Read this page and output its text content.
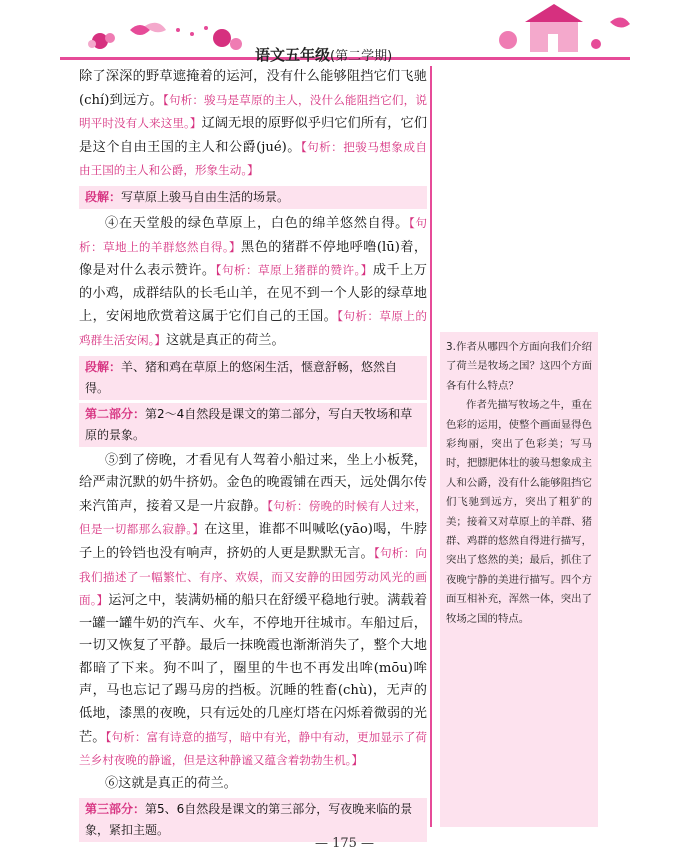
语文五年级(第二学期)

除了深深的野草遮掩着的运河，没有什么能够阻挡它们飞驰(chí)到远方。【句析：骏马是草原的主人，没什么能阻挡它们，说明平时没有人来这里。】辽阔无垠的原野似乎归它们所有，它们是这个自由王国的主人和公爵(jué)。【句析：把骏马想象成自由王国的主人和公爵，形象生动。】

段解：写草原上骏马自由生活的场景。

④在天堂般的绿色草原上，白色的绵羊悠然自得。【句析：草地上的羊群悠然自得。】黑色的猪群不停地呼噜(lū)着，像是对什么表示赞许。【句析：草原上猪群的赞许。】成千上万的小鸡，成群结队的长毛山羊，在见不到一个人影的绿草地上，安闲地欣赏着这属于它们自己的王国。【句析：草原上的鸡群生活安闲。】这就是真正的荷兰。

段解：羊、猪和鸡在草原上的悠闲生活，惬意舒畅，悠然自得。
第二部分：第2～4自然段是课文的第二部分，写白天牧场和草原的景象。

⑤到了傍晚，才看见有人驾着小船过来，坐上小板凳，给严肃沉默的奶牛挤奶。金色的晚霞铺在西天，远处偶尔传来汽笛声，接着又是一片寂静。【句析：傍晚的时候有人过来，但是一切都那么寂静。】在这里，谁都不叫喊吆(yāo)喝，牛脖子上的铃铛也没有响声，挤奶的人更是默默无言。【句析：向我们描述了一幅繁忙、有序、欢娱，而又安静的田园劳动风光的画面。】运河之中，装满奶桶的船只在舒缓平稳地行驶。满载着一罐一罐牛奶的汽车、火车，不停地开往城市。车船过后，一切又恢复了平静。最后一抹晚霞也渐渐消失了，整个大地都暗了下来。狗不叫了，圈里的牛也不再发出哞(mōu)哞声，马也忘记了踢马房的挡板。沉睡的牲畜(chù)，无声的低地，漆黑的夜晚，只有远处的几座灯塔在闪烁着微弱的光芒。【句析：富有诗意的描写，暗中有光，静中有动，更加显示了荷兰乡村夜晚的静谧，但是这种静谧又蕴含着勃勃生机。】

⑥这就是真正的荷兰。

第三部分：第5、6自然段是课文的第三部分，写夜晚来临的景象，紧扣主题。

3.作者从哪四个方面向我们介绍了荷兰是牧场之国？这四个方面各有什么特点？

作者先描写牧场之牛，重在色彩的运用，使整个画面显得色彩绚丽，突出了色彩美；写马时，把膘肥体壮的骏马想象成主人和公爵，没有什么能够阻挡它们飞驰到远方，突出了粗犷的美；接着又对草原上的羊群、猪群、鸡群的悠然自得进行描写，突出了悠然的美；最后，抓住了夜晚宁静的美进行描写。四个方面互相补充，浑然一体，突出了牧场之国的特点。

— 175 —
